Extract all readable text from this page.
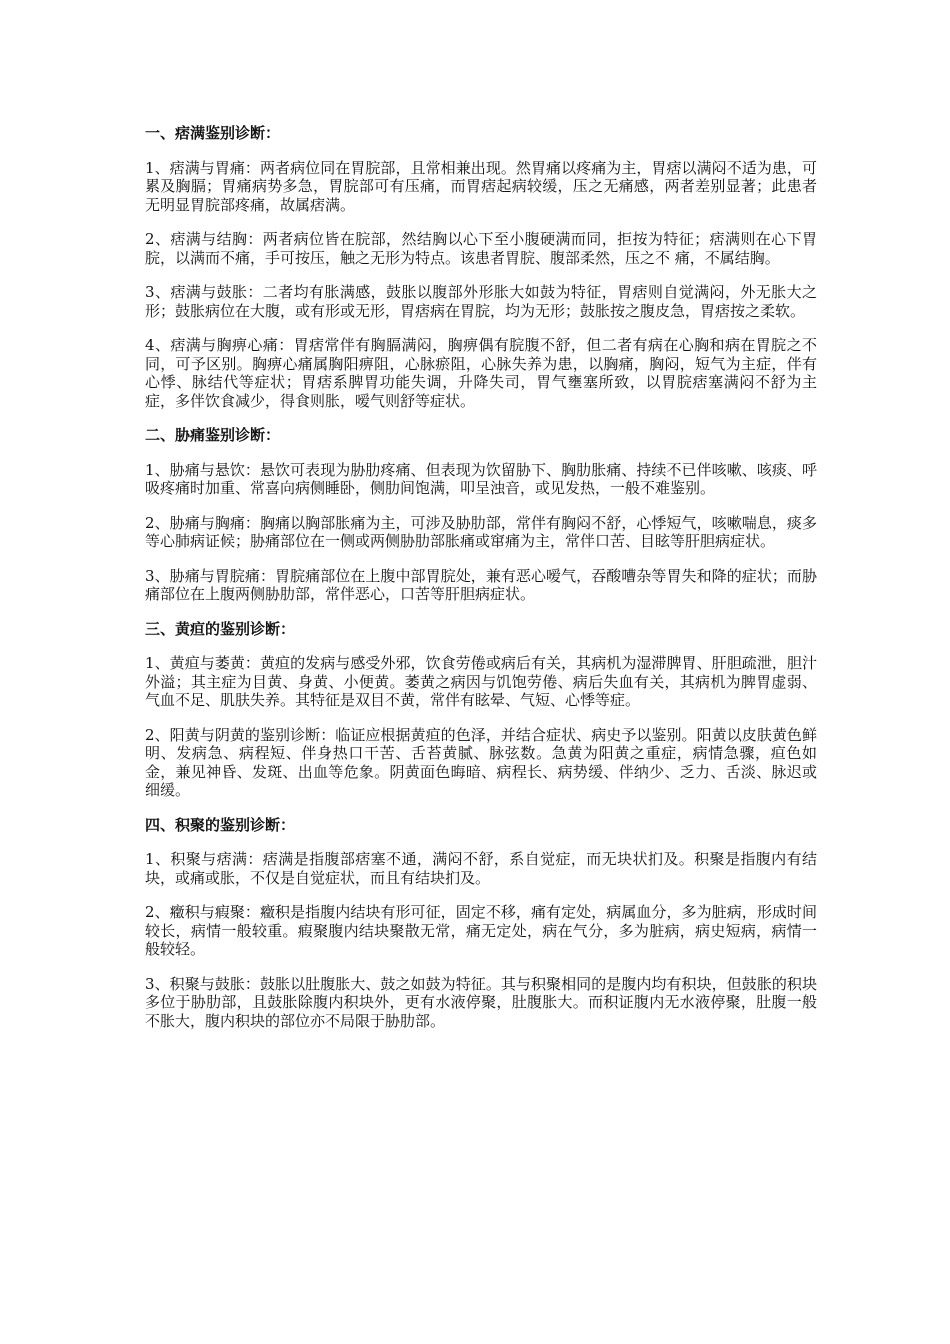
一、痞满鉴别诊断：

1、痞满与胃痛：两者病位同在胃脘部，且常相兼出现。然胃痛以疼痛为主，胃痞以满闷不适为患，可累及胸膈；胃痛病势多急，胃脘部可有压痛，而胃痞起病较缓，压之无痛感，两者差别显著；此患者无明显胃脘部疼痛，故属痞满。

2、痞满与结胸：两者病位皆在脘部，然结胸以心下至小腹硬满而同，拒按为特征；痞满则在心下胃脘，以满而不痛，手可按压，触之无形为特点。该患者胃脘、腹部柔然，压之不 痛，不属结胸。

3、痞满与鼓胀：二者均有胀满感，鼓胀以腹部外形胀大如鼓为特征，胃痞则自觉满闷，外无胀大之形；鼓胀病位在大腹，或有形或无形，胃痞病在胃脘，均为无形；鼓胀按之腹皮急，胃痞按之柔软。

4、痞满与胸痹心痛：胃痞常伴有胸膈满闷，胸痹偶有脘腹不舒，但二者有病在心胸和病在胃脘之不同，可予区别。胸痹心痛属胸阳痹阻，心脉瘀阻，心脉失养为患，以胸痛，胸闷，短气为主症，伴有心悸、脉结代等症状；胃痞系脾胃功能失调，升降失司，胃气壅塞所致，以胃脘痞塞满闷不舒为主症，多伴饮食减少，得食则胀，嗳气则舒等症状。

二、胁痛鉴别诊断：

1、胁痛与悬饮：悬饮可表现为胁肋疼痛、但表现为饮留胁下、胸肋胀痛、持续不已伴咳嗽、咳痰、呼吸疼痛时加重、常喜向病侧睡卧，侧肋间饱满，叩呈浊音，或见发热，一般不难鉴别。

2、胁痛与胸痛：胸痛以胸部胀痛为主，可涉及胁肋部，常伴有胸闷不舒，心悸短气，咳嗽喘息，痰多等心肺病证候；胁痛部位在一侧或两侧胁肋部胀痛或窜痛为主，常伴口苦、目眩等肝胆病症状。

3、胁痛与胃脘痛：胃脘痛部位在上腹中部胃脘处，兼有恶心嗳气，吞酸嘈杂等胃失和降的症状；而胁痛部位在上腹两侧胁肋部，常伴恶心，口苦等肝胆病症状。

三、黄疸的鉴别诊断：

1、黄疸与萎黄：黄疸的发病与感受外邪，饮食劳倦或病后有关，其病机为湿滞脾胃、肝胆疏泄，胆汁外溢；其主症为目黄、身黄、小便黄。萎黄之病因与饥饱劳倦、病后失血有关，其病机为脾胃虚弱、气血不足、肌肤失养。其特征是双目不黄，常伴有眩晕、气短、心悸等症。

2、阳黄与阴黄的鉴别诊断：临证应根据黄疸的色泽，并结合症状、病史予以鉴别。阳黄以皮肤黄色鲜明、发病急、病程短、伴身热口干苦、舌苔黄腻、脉弦数。急黄为阳黄之重症，病情急骤，疸色如金，兼见神昏、发斑、出血等危象。阴黄面色晦暗、病程长、病势缓、伴纳少、乏力、舌淡、脉迟或细缓。

四、积聚的鉴别诊断：

1、积聚与痞满：痞满是指腹部痞塞不通，满闷不舒，系自觉症，而无块状扪及。积聚是指腹内有结块，或痛或胀，不仅是自觉症状，而且有结块扪及。

2、癥积与瘕聚：癥积是指腹内结块有形可征，固定不移，痛有定处，病属血分，多为脏病，形成时间较长，病情一般较重。瘕聚腹内结块聚散无常，痛无定处，病在气分，多为脏病，病史短病，病情一般较轻。

3、积聚与鼓胀：鼓胀以肚腹胀大、鼓之如鼓为特征。其与积聚相同的是腹内均有积块，但鼓胀的积块多位于胁肋部，且鼓胀除腹内积块外，更有水液停聚，肚腹胀大。而积证腹内无水液停聚，肚腹一般不胀大，腹内积块的部位亦不局限于胁肋部。
